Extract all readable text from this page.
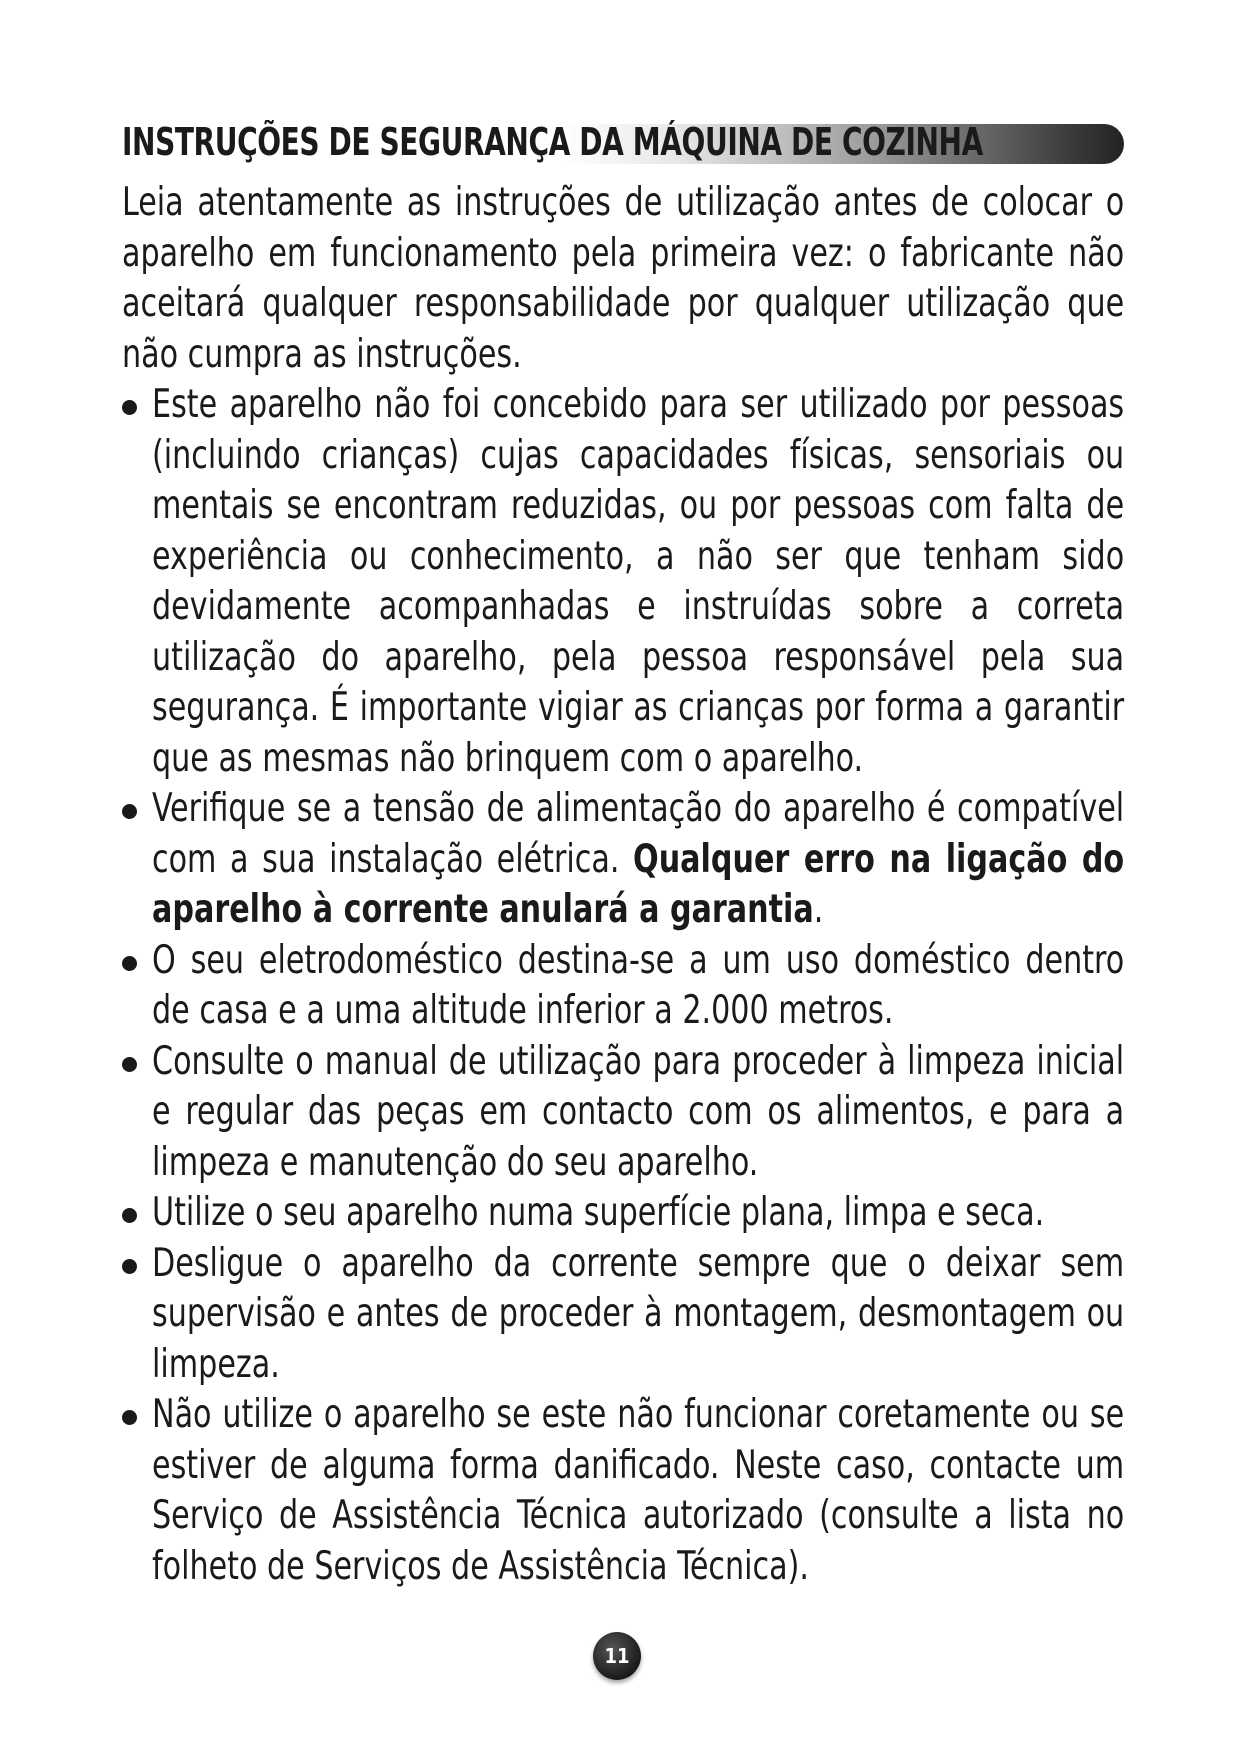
INSTRUÇÕES DE SEGURANÇA DA MÁQUINA DE COZINHA

Leia atentamente as instruções de utilização antes de colocar o aparelho em funcionamento pela primeira vez: o fabricante não aceitará qualquer responsabilidade por qualquer utilização que não cumpra as instruções.

Este aparelho não foi concebido para ser utilizado por pessoas (incluindo crianças) cujas capacidades físicas, sensoriais ou mentais se encontram reduzidas, ou por pessoas com falta de experiência ou conhecimento, a não ser que tenham sido devidamente acompanhadas e instruídas sobre a correta utilização do aparelho, pela pessoa responsável pela sua segurança. É importante vigiar as crianças por forma a garantir que as mesmas não brinquem com o aparelho.
Verifique se a tensão de alimentação do aparelho é compatível com a sua instalação elétrica. Qualquer erro na ligação do aparelho à corrente anulará a garantia.
O seu eletrodoméstico destina-se a um uso doméstico dentro de casa e a uma altitude inferior a 2.000 metros.
Consulte o manual de utilização para proceder à limpeza inicial e regular das peças em contacto com os alimentos, e para a limpeza e manutenção do seu aparelho.
Utilize o seu aparelho numa superfície plana, limpa e seca.
Desligue o aparelho da corrente sempre que o deixar sem supervisão e antes de proceder à montagem, desmontagem ou limpeza.
Não utilize o aparelho se este não funcionar coretamente ou se estiver de alguma forma danificado. Neste caso, contacte um Serviço de Assistência Técnica autorizado (consulte a lista no folheto de Serviços de Assistência Técnica).
11
